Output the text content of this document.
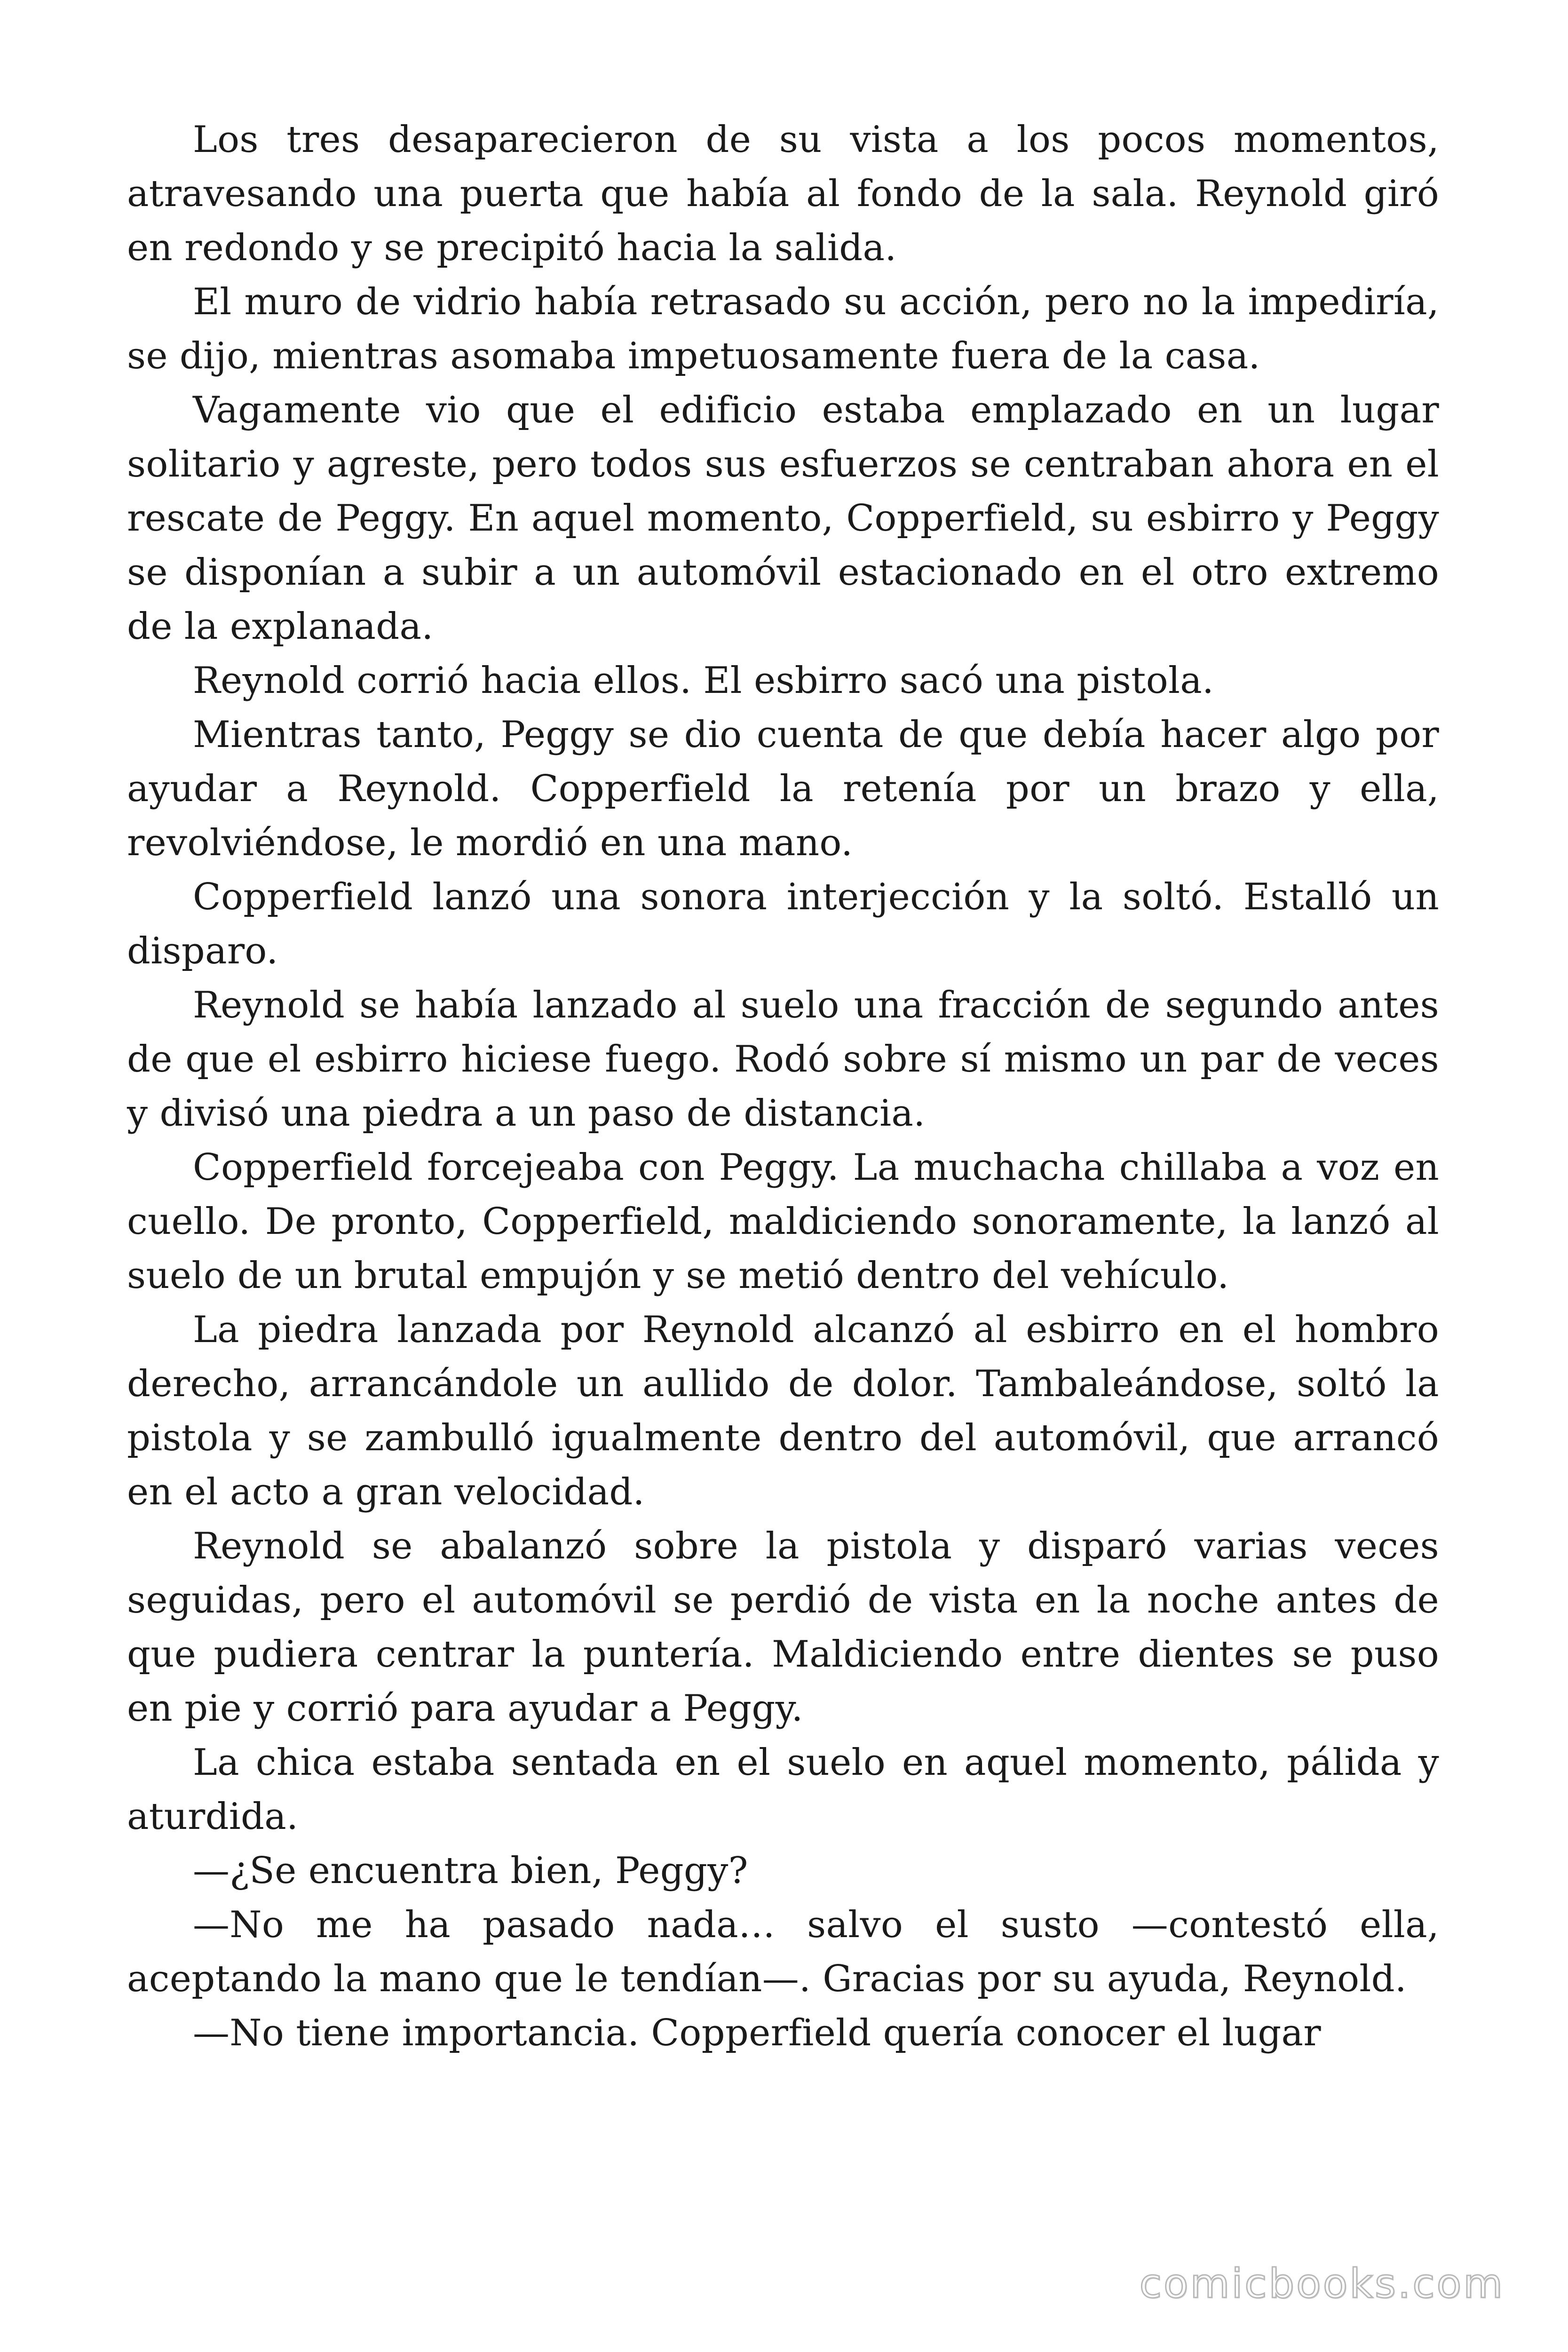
Los tres desaparecieron de su vista a los pocos momentos, atravesando una puerta que había al fondo de la sala. Reynold giró en redondo y se precipitó hacia la salida.

El muro de vidrio había retrasado su acción, pero no la impediría, se dijo, mientras asomaba impetuosamente fuera de la casa.

Vagamente vio que el edificio estaba emplazado en un lugar solitario y agreste, pero todos sus esfuerzos se centraban ahora en el rescate de Peggy. En aquel momento, Copperfield, su esbirro y Peggy se disponían a subir a un automóvil estacionado en el otro extremo de la explanada.

Reynold corrió hacia ellos. El esbirro sacó una pistola.

Mientras tanto, Peggy se dio cuenta de que debía hacer algo por ayudar a Reynold. Copperfield la retenía por un brazo y ella, revolviéndose, le mordió en una mano.

Copperfield lanzó una sonora interjección y la soltó. Estalló un disparo.

Reynold se había lanzado al suelo una fracción de segundo antes de que el esbirro hiciese fuego. Rodó sobre sí mismo un par de veces y divisó una piedra a un paso de distancia.

Copperfield forcejeaba con Peggy. La muchacha chillaba a voz en cuello. De pronto, Copperfield, maldiciendo sonoramente, la lanzó al suelo de un brutal empujón y se metió dentro del vehículo.

La piedra lanzada por Reynold alcanzó al esbirro en el hombro derecho, arrancándole un aullido de dolor. Tambaleándose, soltó la pistola y se zambulló igualmente dentro del automóvil, que arrancó en el acto a gran velocidad.

Reynold se abalanzó sobre la pistola y disparó varias veces seguidas, pero el automóvil se perdió de vista en la noche antes de que pudiera centrar la puntería. Maldiciendo entre dientes se puso en pie y corrió para ayudar a Peggy.

La chica estaba sentada en el suelo en aquel momento, pálida y aturdida.

—¿Se encuentra bien, Peggy?

—No me ha pasado nada… salvo el susto —contestó ella, aceptando la mano que le tendían—. Gracias por su ayuda, Reynold.

—No tiene importancia. Copperfield quería conocer el lugar

comicbooks.com
